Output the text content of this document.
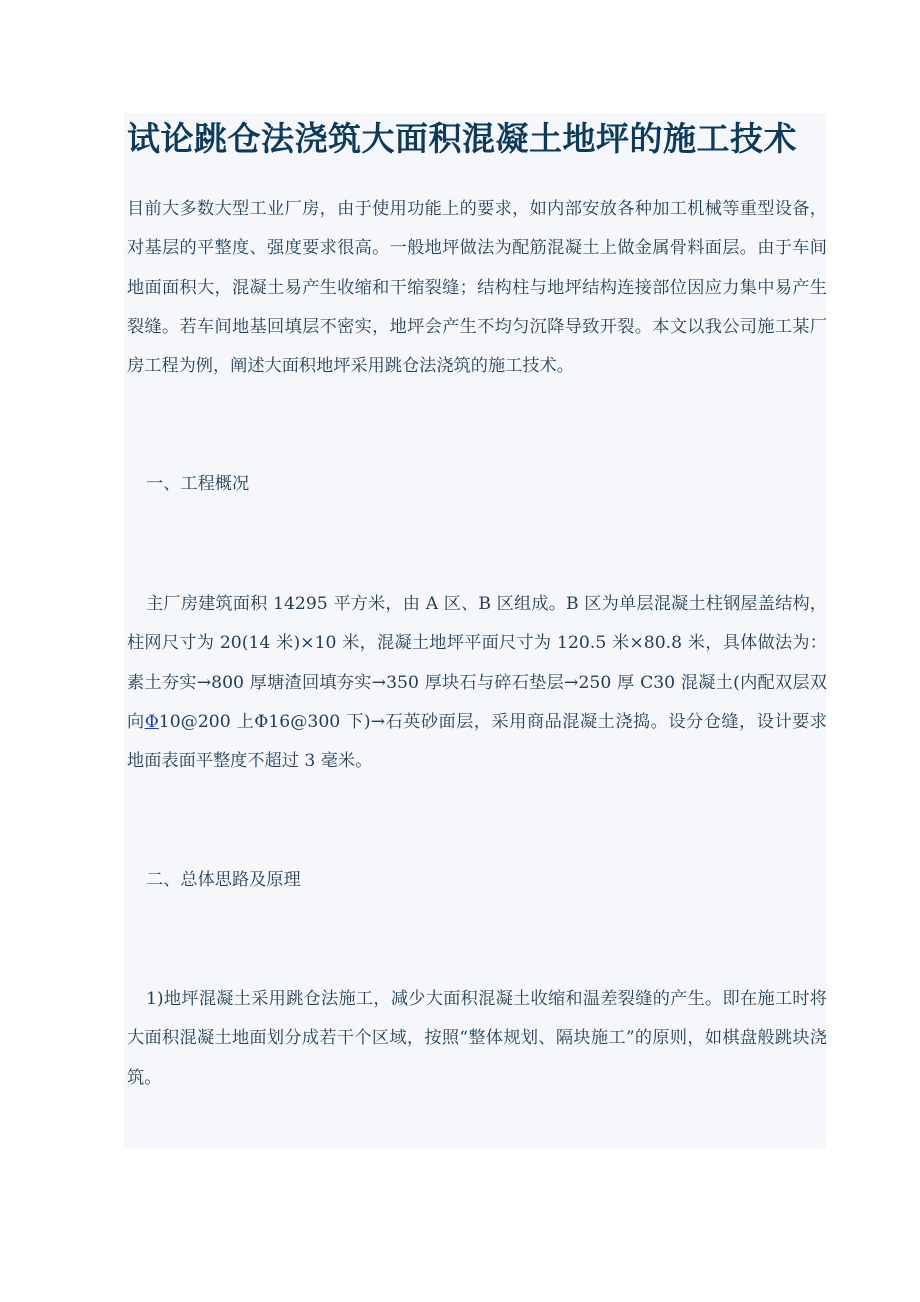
试论跳仓法浇筑大面积混凝土地坪的施工技术

目前大多数大型工业厂房，由于使用功能上的要求，如内部安放各种加工机械等重型设备，对基层的平整度、强度要求很高。一般地坪做法为配筋混凝土上做金属骨料面层。由于车间地面面积大，混凝土易产生收缩和干缩裂缝；结构柱与地坪结构连接部位因应力集中易产生裂缝。若车间地基回填层不密实，地坪会产生不均匀沉降导致开裂。本文以我公司施工某厂房工程为例，阐述大面积地坪采用跳仓法浇筑的施工技术。

一、工程概况

主厂房建筑面积 14295 平方米，由 A 区、B 区组成。B 区为单层混凝土柱钢屋盖结构，柱网尺寸为 20(14 米)×10 米，混凝土地坪平面尺寸为 120.5 米×80.8 米，具体做法为：素土夯实→800 厚塘渣回填夯实→350 厚块石与碎石垫层→250 厚 C30 混凝土(内配双层双向Φ10@200 上Φ16@300 下)→石英砂面层，采用商品混凝土浇捣。设分仓缝，设计要求地面表面平整度不超过 3 毫米。

二、总体思路及原理

1)地坪混凝土采用跳仓法施工，减少大面积混凝土收缩和温差裂缝的产生。即在施工时将大面积混凝土地面划分成若干个区域，按照“整体规划、隔块施工”的原则，如棋盘般跳块浇筑。
